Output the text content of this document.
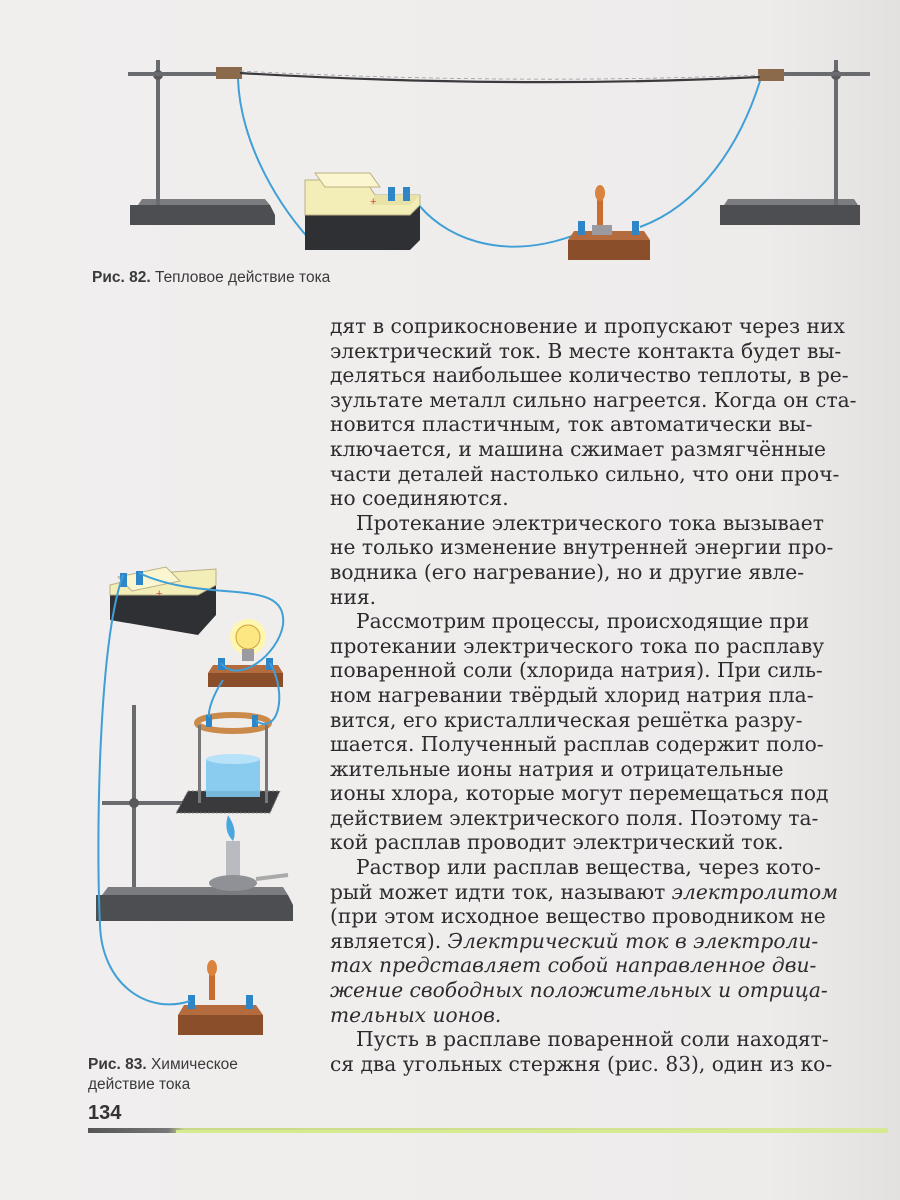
+
Рис. 82. Тепловое действие тока
+
Рис. 83. Химическое
действие тока

дят в соприкосновение и пропускают через них

электрический ток. В месте контакта будет вы-

деляться наибольшее количество теплоты, в ре-

зультате металл сильно нагреется. Когда он ста-

новится пластичным, ток автоматически вы-

ключается, и машина сжимает размягчённые

части деталей настолько сильно, что они проч-

но соединяются.

Протекание электрического тока вызывает

не только изменение внутренней энергии про-

водника (его нагревание), но и другие явле-

ния.

Рассмотрим процессы, происходящие при

протекании электрического тока по расплаву

поваренной соли (хлорида натрия). При силь-

ном нагревании твёрдый хлорид натрия пла-

вится, его кристаллическая решётка разру-

шается. Полученный расплав содержит поло-

жительные ионы натрия и отрицательные

ионы хлора, которые могут перемещаться под

действием электрического поля. Поэтому та-

кой расплав проводит электрический ток.

Раствор или расплав вещества, через кото-

рый может идти ток, называют электролитом

(при этом исходное вещество проводником не

является). Электрический ток в электроли-

тах представляет собой направленное дви-

жение свободных положительных и отрица-

тельных ионов.

Пусть в расплаве поваренной соли находят-

ся два угольных стержня (рис. 83), один из ко-

134
